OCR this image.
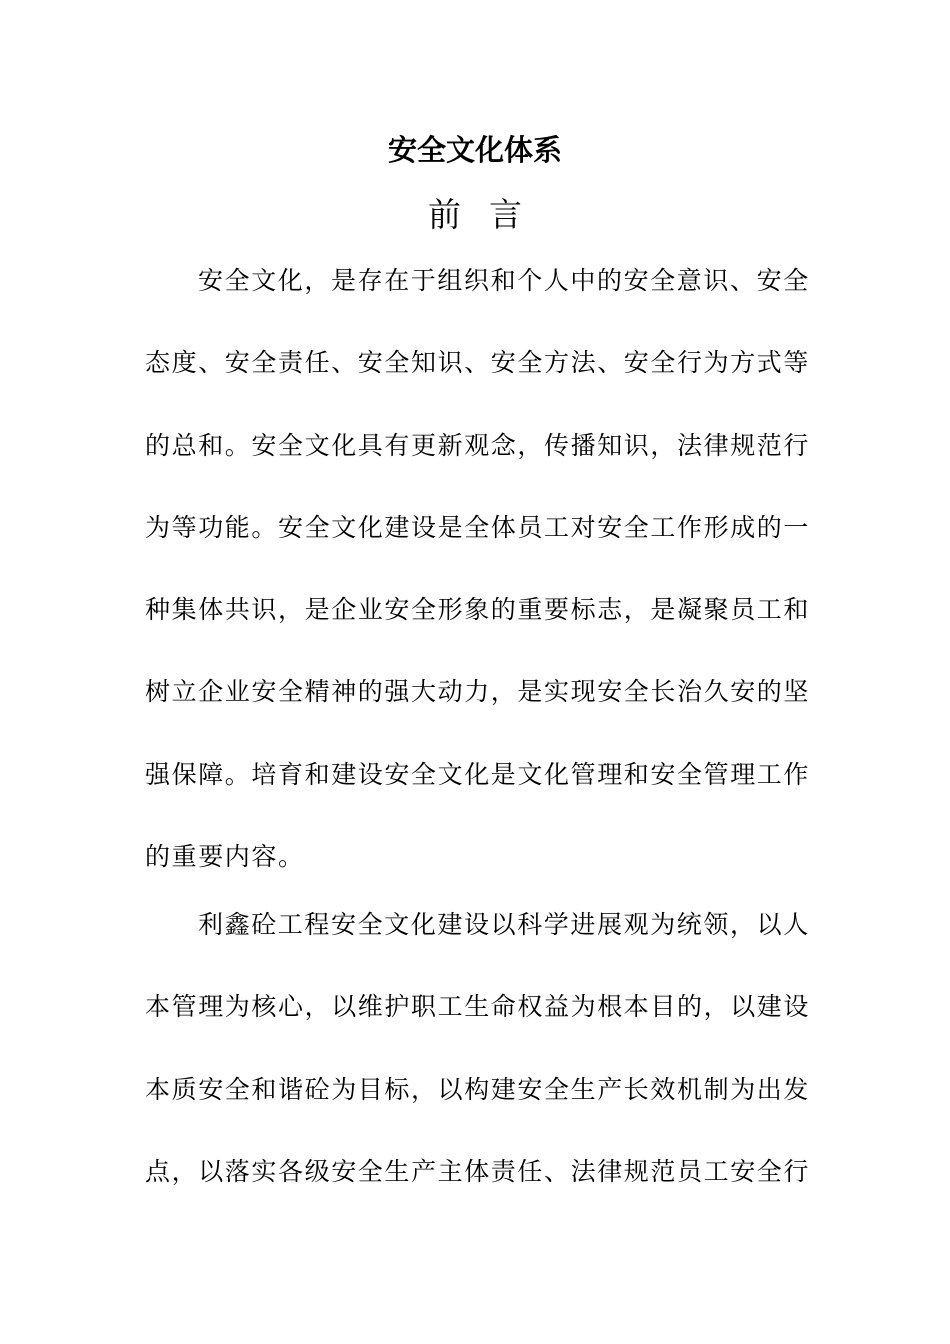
安全文化体系
前言
安全文化，是存在于组织和个人中的安全意识、安全
态度、安全责任、安全知识、安全方法、安全行为方式等
的总和。安全文化具有更新观念，传播知识，法律规范行
为等功能。安全文化建设是全体员工对安全工作形成的一
种集体共识，是企业安全形象的重要标志，是凝聚员工和
树立企业安全精神的强大动力，是实现安全长治久安的坚
强保障。培育和建设安全文化是文化管理和安全管理工作
的重要内容。
利鑫砼工程安全文化建设以科学进展观为统领，以人
本管理为核心，以维护职工生命权益为根本目的，以建设
本质安全和谐砼为目标，以构建安全生产长效机制为出发
点，以落实各级安全生产主体责任、法律规范员工安全行
